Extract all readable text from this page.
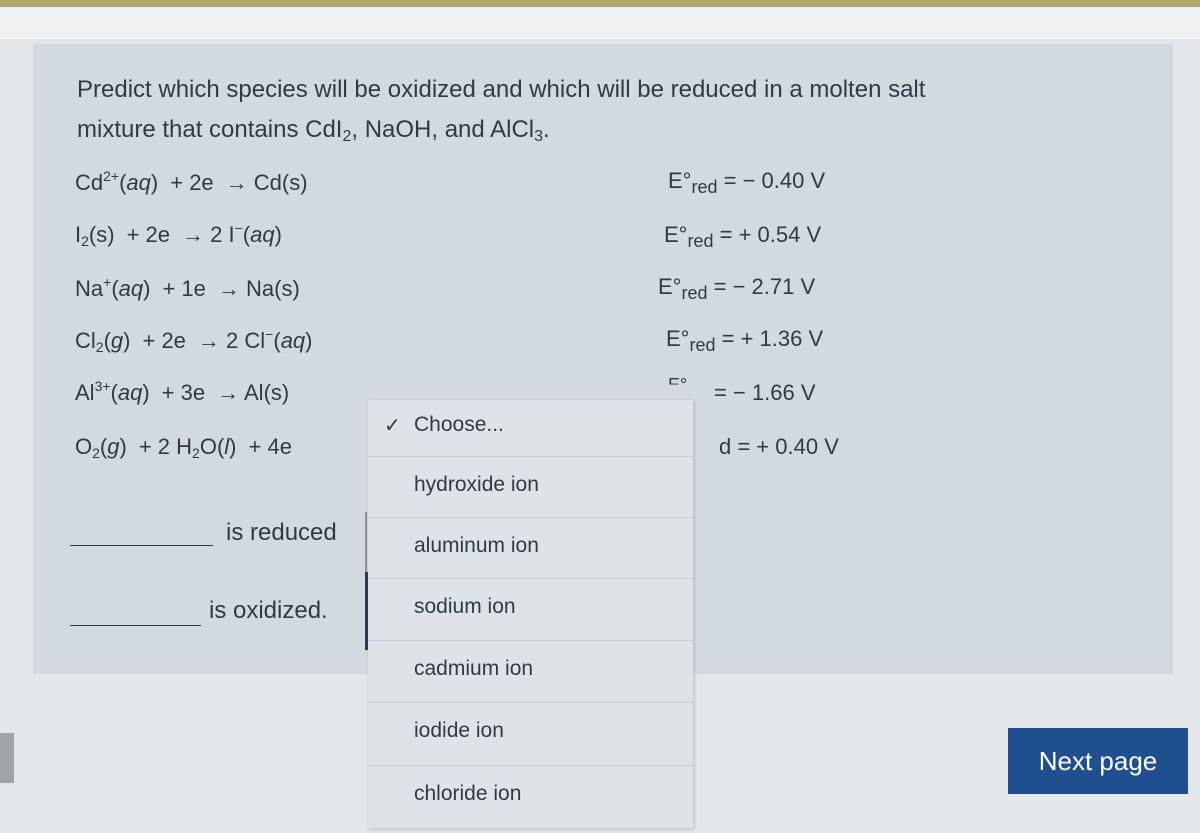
Predict which species will be oxidized and which will be reduced in a molten salt
mixture that contains CdI$_2$, NaOH, and AlCl$_3$.
$Cd^{2+}(aq) + 2e \to Cd(s)$
$I_2(s) + 2e \to 2$ I−(aq)
Na+(aq) + 1e → Na(s)
$Cl_2(g) + 2e \to 2$ Cl−(aq)
$Al^{3+}(aq) + 3e \to Al(s)$
$O_2(g) + 2$ $H_2O(l) + 4e$
$E^\circ_{red}$ = − 0.40 V
$E^\circ_{red}$ = + 0.54 V
$E^\circ_{red}$ = − 2.71 V
$E^\circ_{red}$ = + 1.36 V
= − 1.66 V
d = + 0.40 V
is reduced
is oxidized.
✓ Choose...
hydroxide ion
aluminum ion
sodium ion
cadmium ion
iodide ion
chloride ion
Next page
